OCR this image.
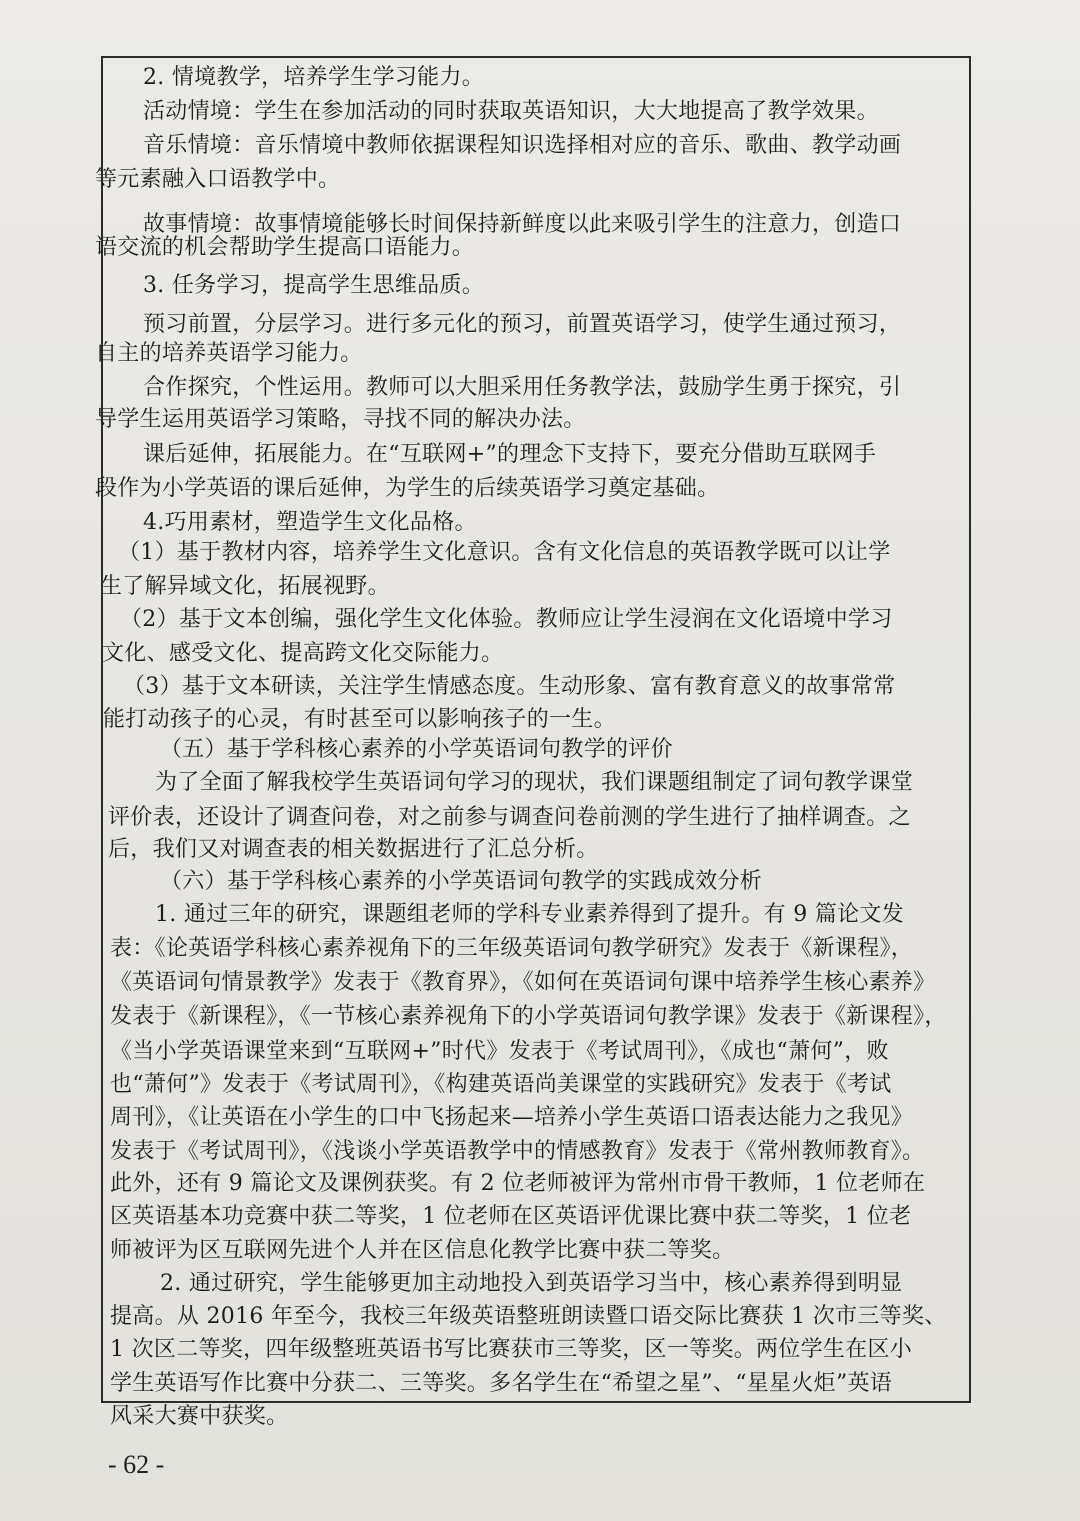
2. 情境教学，培养学生学习能力。
活动情境：学生在参加活动的同时获取英语知识，大大地提高了教学效果。
音乐情境：音乐情境中教师依据课程知识选择相对应的音乐、歌曲、教学动画
等元素融入口语教学中。
故事情境：故事情境能够长时间保持新鲜度以此来吸引学生的注意力，创造口
语交流的机会帮助学生提高口语能力。
3. 任务学习，提高学生思维品质。
预习前置，分层学习。进行多元化的预习，前置英语学习，使学生通过预习，
自主的培养英语学习能力。
合作探究，个性运用。教师可以大胆采用任务教学法，鼓励学生勇于探究，引
导学生运用英语学习策略，寻找不同的解决办法。
课后延伸，拓展能力。在“互联网+”的理念下支持下，要充分借助互联网手
段作为小学英语的课后延伸，为学生的后续英语学习奠定基础。
4.巧用素材，塑造学生文化品格。
（1）基于教材内容，培养学生文化意识。含有文化信息的英语教学既可以让学
生了解异域文化，拓展视野。
（2）基于文本创编，强化学生文化体验。教师应让学生浸润在文化语境中学习
文化、感受文化、提高跨文化交际能力。
（3）基于文本研读，关注学生情感态度。生动形象、富有教育意义的故事常常
能打动孩子的心灵，有时甚至可以影响孩子的一生。
（五）基于学科核心素养的小学英语词句教学的评价
为了全面了解我校学生英语词句学习的现状，我们课题组制定了词句教学课堂
评价表，还设计了调查问卷，对之前参与调查问卷前测的学生进行了抽样调查。之
后，我们又对调查表的相关数据进行了汇总分析。
（六）基于学科核心素养的小学英语词句教学的实践成效分析
1. 通过三年的研究，课题组老师的学科专业素养得到了提升。有 9 篇论文发
表：《论英语学科核心素养视角下的三年级英语词句教学研究》发表于《新课程》，
《英语词句情景教学》发表于《教育界》，《如何在英语词句课中培养学生核心素养》
发表于《新课程》，《一节核心素养视角下的小学英语词句教学课》发表于《新课程》，
《当小学英语课堂来到“互联网+”时代》发表于《考试周刊》，《成也“萧何”，败
也“萧何”》发表于《考试周刊》，《构建英语尚美课堂的实践研究》发表于《考试
周刊》，《让英语在小学生的口中飞扬起来—培养小学生英语口语表达能力之我见》
发表于《考试周刊》，《浅谈小学英语教学中的情感教育》发表于《常州教师教育》。
此外，还有 9 篇论文及课例获奖。有 2 位老师被评为常州市骨干教师，1 位老师在
区英语基本功竞赛中获二等奖，1 位老师在区英语评优课比赛中获二等奖，1 位老
师被评为区互联网先进个人并在区信息化教学比赛中获二等奖。
2. 通过研究，学生能够更加主动地投入到英语学习当中，核心素养得到明显
提高。从 2016 年至今，我校三年级英语整班朗读暨口语交际比赛获 1 次市三等奖、
1 次区二等奖，四年级整班英语书写比赛获市三等奖，区一等奖。两位学生在区小
学生英语写作比赛中分获二、三等奖。多名学生在“希望之星”、“星星火炬”英语
风采大赛中获奖。
- 62 -
